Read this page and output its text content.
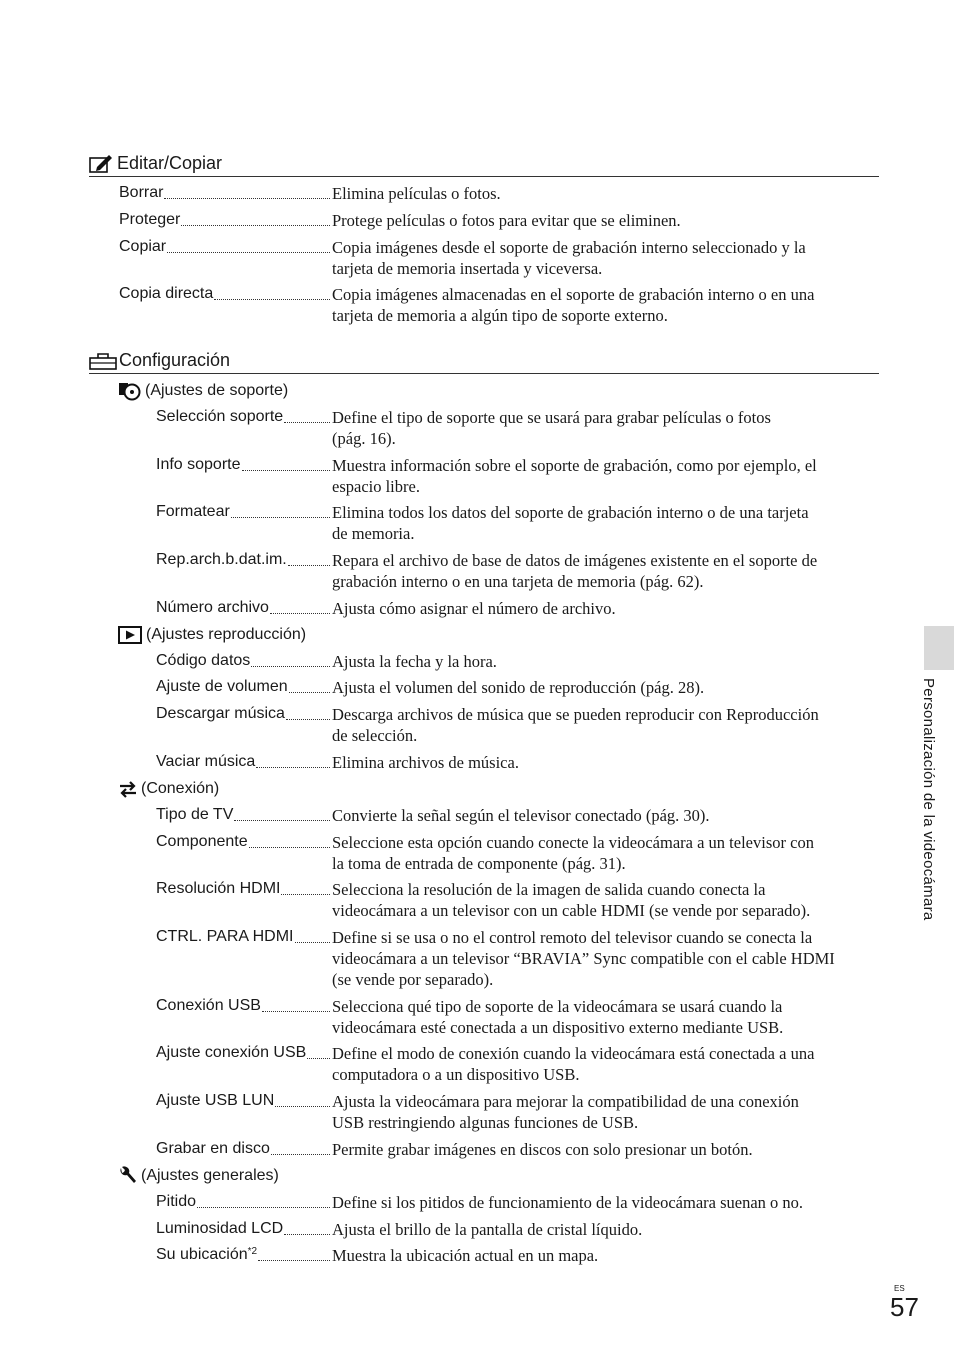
Editar/Copiar
Configuración
(Ajustes de soporte)
(Ajustes reproducción)
(Conexión)
(Ajustes generales)
Borrar	Elimina películas o fotos.
Proteger	Protege películas o fotos para evitar que se eliminen.
Copiar	Copia imágenes desde el soporte de grabación interno seleccionado y la
tarjeta de memoria insertada y viceversa.
Copia directa	Copia imágenes almacenadas en el soporte de grabación interno o en una
tarjeta de memoria a algún tipo de soporte externo.
Selección soporte	Define el tipo de soporte que se usará para grabar películas o fotos
(pág. 16).
Info soporte	Muestra información sobre el soporte de grabación, como por ejemplo, el
espacio libre.
Formatear	Elimina todos los datos del soporte de grabación interno o de una tarjeta
de memoria.
Rep.arch.b.dat.im.	Repara el archivo de base de datos de imágenes existente en el soporte de
grabación interno o en una tarjeta de memoria (pág. 62).
Número archivo	Ajusta cómo asignar el número de archivo.
Código datos	Ajusta la fecha y la hora.
Ajuste de volumen	Ajusta el volumen del sonido de reproducción (pág. 28).
Descargar música	Descarga archivos de música que se pueden reproducir con Reproducción
de selección.
Vaciar música	Elimina archivos de música.
Tipo de TV	Convierte la señal según el televisor conectado (pág. 30).
Componente	Seleccione esta opción cuando conecte la videocámara a un televisor con
la toma de entrada de componente (pág. 31).
Resolución HDMI	Selecciona la resolución de la imagen de salida cuando conecta la
videocámara a un televisor con un cable HDMI (se vende por separado).
CTRL. PARA HDMI Define si se usa o no el control remoto del televisor cuando se conecta la
videocámara a un televisor “BRAVIA” Sync compatible con el cable HDMI
(se vende por separado).
Conexión USB	Selecciona qué tipo de soporte de la videocámara se usará cuando la
videocámara esté conectada a un dispositivo externo mediante USB.
Ajuste conexión USB Define el modo de conexión cuando la videocámara está conectada a una
computadora o a un dispositivo USB.
Ajuste USB LUN	Ajusta la videocámara para mejorar la compatibilidad de una conexión
USB restringiendo algunas funciones de USB.
Grabar en disco	Permite grabar imágenes en discos con solo presionar un botón.
Pitido	Define si los pitidos de funcionamiento de la videocámara suenan o no.
Luminosidad LCD	Ajusta el brillo de la pantalla de cristal líquido.
Su ubicación *2	Muestra la ubicación actual en un mapa.
Personalización de la videocámara
ES
57
